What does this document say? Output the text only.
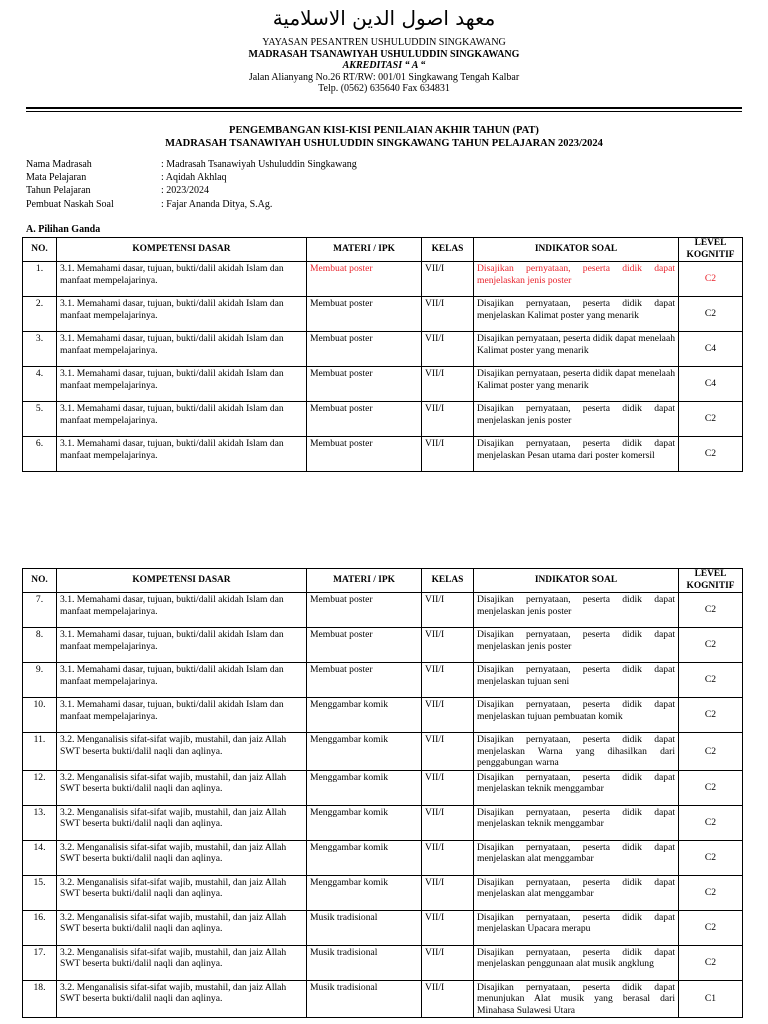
معهد اصول الدين الاسلامية
YAYASAN PESANTREN USHULUDDIN SINGKAWANG
MADRASAH TSANAWIYAH USHULUDDIN SINGKAWANG
AKREDITASI “ A “
Jalan Alianyang No.26 RT/RW: 001/01 Singkawang Tengah Kalbar
Telp. (0562) 635640 Fax 634831
PENGEMBANGAN KISI-KISI PENILAIAN AKHIR TAHUN (PAT)
MADRASAH TSANAWIYAH USHULUDDIN SINGKAWANG TAHUN PELAJARAN 2023/2024
Nama Madrasah	: Madrasah Tsanawiyah Ushuluddin Singkawang
Mata Pelajaran	: Aqidah Akhlaq
Tahun Pelajaran	: 2023/2024
Pembuat Naskah Soal	: Fajar Ananda Ditya, S.Ag.
A. Pilihan Ganda
NO.	KOMPETENSI DASAR	MATERI / IPK	KELAS	INDIKATOR SOAL	LEVEL
KOGNITIF
1.	3.1. Memahami dasar, tujuan, bukti/dalil akidah Islam dan manfaat mempelajarinya.	Membuat poster	VII/I	Disajikan pernyataan, peserta didik dapat menjelaskan jenis poster	C2
2.	3.1. Memahami dasar, tujuan, bukti/dalil akidah Islam dan manfaat mempelajarinya.	Membuat poster	VII/I	Disajikan pernyataan, peserta didik dapat menjelaskan Kalimat poster yang menarik	C2
3.	3.1. Memahami dasar, tujuan, bukti/dalil akidah Islam dan manfaat mempelajarinya.	Membuat poster	VII/I	Disajikan pernyataan, peserta didik dapat menelaah Kalimat poster yang menarik	C4
4.	3.1. Memahami dasar, tujuan, bukti/dalil akidah Islam dan manfaat mempelajarinya.	Membuat poster	VII/I	Disajikan pernyataan, peserta didik dapat menelaah Kalimat poster yang menarik	C4
5.	3.1. Memahami dasar, tujuan, bukti/dalil akidah Islam dan manfaat mempelajarinya.	Membuat poster	VII/I	Disajikan pernyataan, peserta didik dapat menjelaskan jenis poster	C2
6.	3.1. Memahami dasar, tujuan, bukti/dalil akidah Islam dan manfaat mempelajarinya.	Membuat poster	VII/I	Disajikan pernyataan, peserta didik dapat menjelaskan Pesan utama dari poster komersil	C2
NO.	KOMPETENSI DASAR	MATERI / IPK	KELAS	INDIKATOR SOAL	LEVEL
KOGNITIF
7.	3.1. Memahami dasar, tujuan, bukti/dalil akidah Islam dan manfaat mempelajarinya.	Membuat poster	VII/I	Disajikan pernyataan, peserta didik dapat menjelaskan jenis poster	C2
8.	3.1. Memahami dasar, tujuan, bukti/dalil akidah Islam dan manfaat mempelajarinya.	Membuat poster	VII/I	Disajikan pernyataan, peserta didik dapat menjelaskan jenis poster	C2
9.	3.1. Memahami dasar, tujuan, bukti/dalil akidah Islam dan manfaat mempelajarinya.	Membuat poster	VII/I	Disajikan pernyataan, peserta didik dapat menjelaskan tujuan seni	C2
10.	3.1. Memahami dasar, tujuan, bukti/dalil akidah Islam dan manfaat mempelajarinya.	Menggambar komik	VII/I	Disajikan pernyataan, peserta didik dapat menjelaskan tujuan pembuatan komik	C2
11.	3.2. Menganalisis sifat-sifat wajib, mustahil, dan jaiz Allah SWT beserta bukti/dalil naqli dan aqlinya.	Menggambar komik	VII/I	Disajikan pernyataan, peserta didik dapat menjelaskan Warna yang dihasilkan dari penggabungan warna	C2
12.	3.2. Menganalisis sifat-sifat wajib, mustahil, dan jaiz Allah SWT beserta bukti/dalil naqli dan aqlinya.	Menggambar komik	VII/I	Disajikan pernyataan, peserta didik dapat menjelaskan teknik menggambar	C2
13.	3.2. Menganalisis sifat-sifat wajib, mustahil, dan jaiz Allah SWT beserta bukti/dalil naqli dan aqlinya.	Menggambar komik	VII/I	Disajikan pernyataan, peserta didik dapat menjelaskan teknik menggambar	C2
14.	3.2. Menganalisis sifat-sifat wajib, mustahil, dan jaiz Allah SWT beserta bukti/dalil naqli dan aqlinya.	Menggambar komik	VII/I	Disajikan pernyataan, peserta didik dapat menjelaskan alat menggambar	C2
15.	3.2. Menganalisis sifat-sifat wajib, mustahil, dan jaiz Allah SWT beserta bukti/dalil naqli dan aqlinya.	Menggambar komik	VII/I	Disajikan pernyataan, peserta didik dapat menjelaskan alat menggambar	C2
16.	3.2. Menganalisis sifat-sifat wajib, mustahil, dan jaiz Allah SWT beserta bukti/dalil naqli dan aqlinya.	Musik tradisional	VII/I	Disajikan pernyataan, peserta didik dapat menjelaskan Upacara merapu	C2
17.	3.2. Menganalisis sifat-sifat wajib, mustahil, dan jaiz Allah SWT beserta bukti/dalil naqli dan aqlinya.	Musik tradisional	VII/I	Disajikan pernyataan, peserta didik dapat menjelaskan penggunaan alat musik angklung	C2
18.	3.2. Menganalisis sifat-sifat wajib, mustahil, dan jaiz Allah SWT beserta bukti/dalil naqli dan aqlinya.	Musik tradisional	VII/I	Disajikan pernyataan, peserta didik dapat menunjukan Alat musik yang berasal dari Minahasa Sulawesi Utara	C1
